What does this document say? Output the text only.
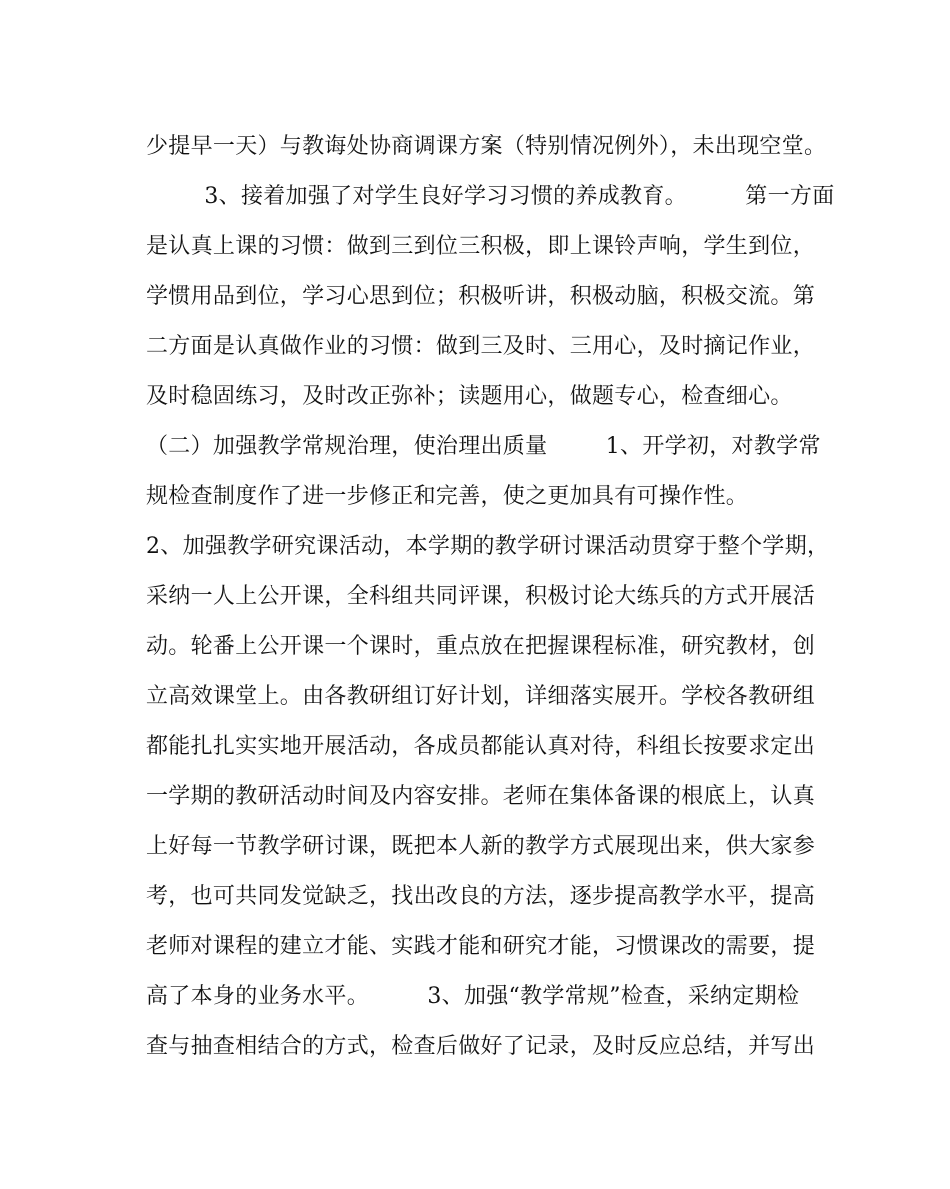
少提早一天）与教诲处协商调课方案（特别情况例外），未出现空堂。
3、接着加强了对学生良好学习习惯的养成教育。        第一方面
是认真上课的习惯：做到三到位三积极，即上课铃声响，学生到位，
学惯用品到位，学习心思到位；积极听讲，积极动脑，积极交流。第
二方面是认真做作业的习惯：做到三及时、三用心，及时摘记作业，
及时稳固练习，及时改正弥补；读题用心，做题专心，检查细心。
（二）加强教学常规治理，使治理出质量        1、开学初，对教学常
规检查制度作了进一步修正和完善，使之更加具有可操作性。
2、加强教学研究课活动，本学期的教学研讨课活动贯穿于整个学期，
采纳一人上公开课，全科组共同评课，积极讨论大练兵的方式开展活
动。轮番上公开课一个课时，重点放在把握课程标准，研究教材，创
立高效课堂上。由各教研组订好计划，详细落实展开。学校各教研组
都能扎扎实实地开展活动，各成员都能认真对待，科组长按要求定出
一学期的教研活动时间及内容安排。老师在集体备课的根底上，认真
上好每一节教学研讨课，既把本人新的教学方式展现出来，供大家参
考，也可共同发觉缺乏，找出改良的方法，逐步提高教学水平，提高
老师对课程的建立才能、实践才能和研究才能，习惯课改的需要，提
高了本身的业务水平。        3、加强“教学常规”检查，采纳定期检
查与抽查相结合的方式，检查后做好了记录，及时反应总结，并写出
